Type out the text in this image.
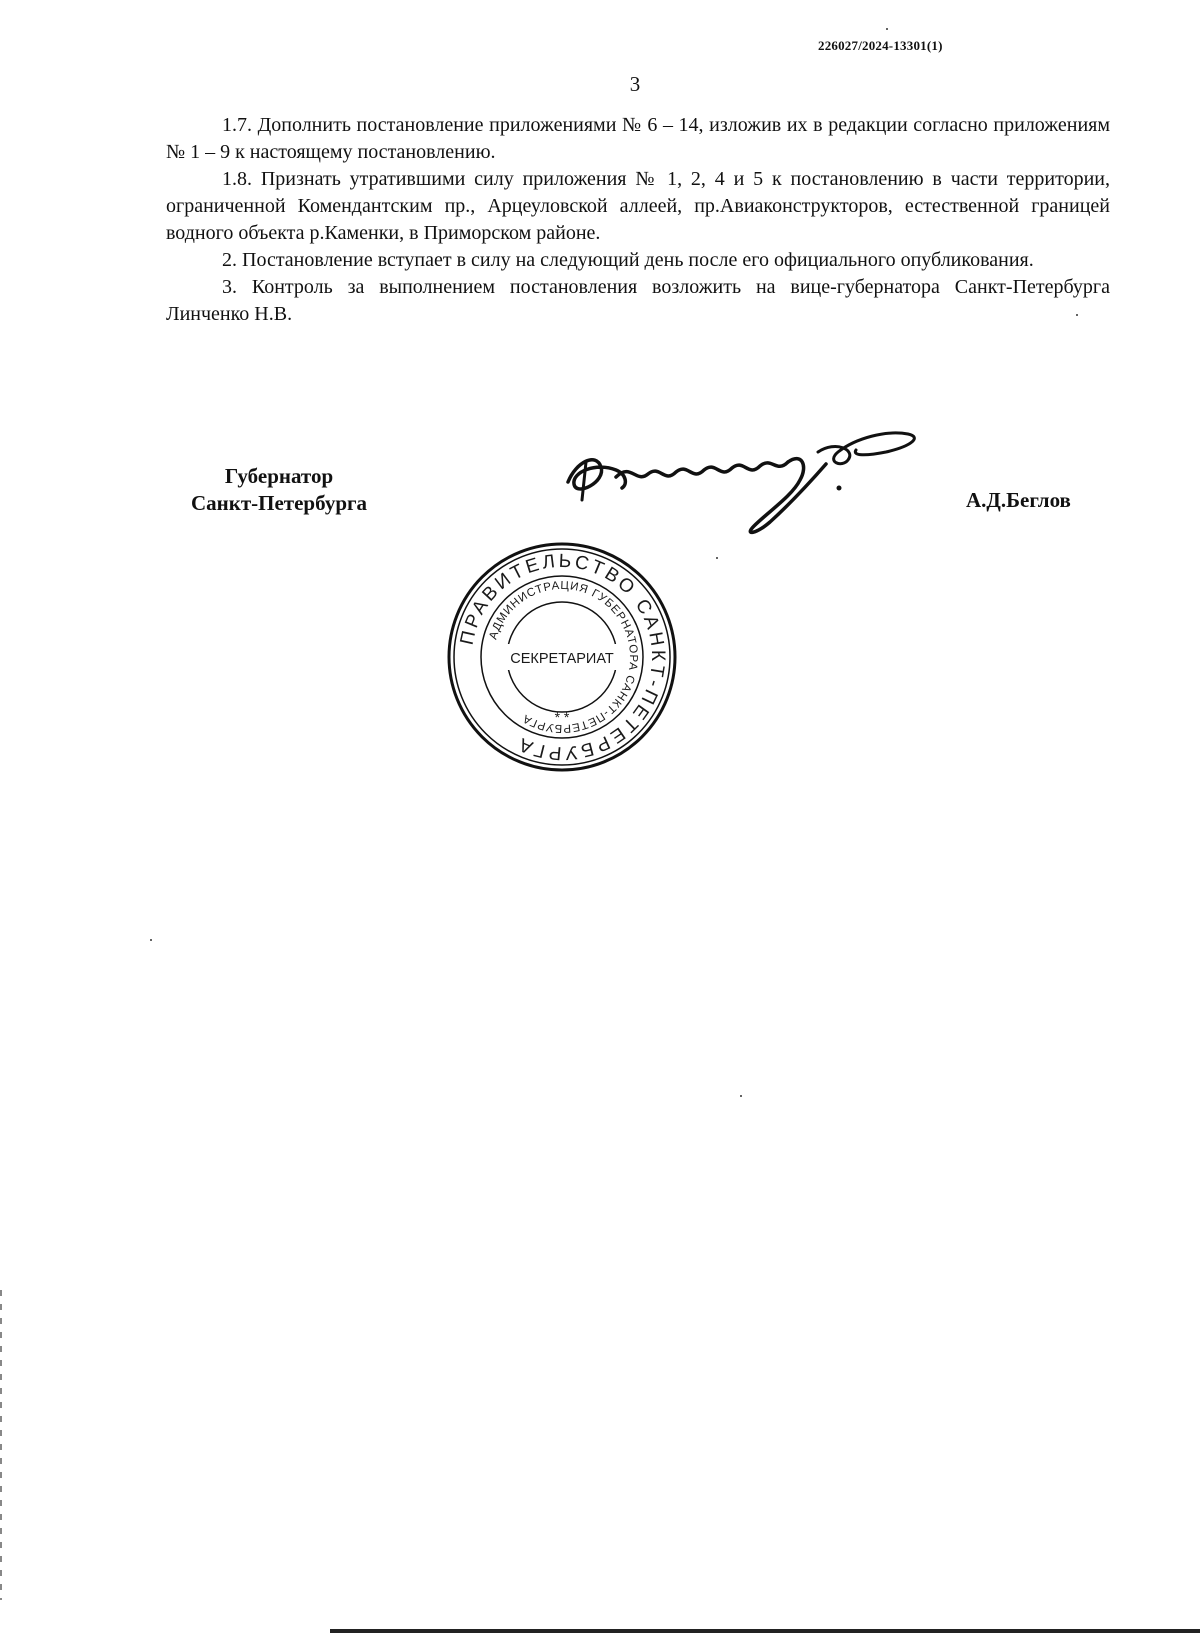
226027/2024-13301(1)
3

1.7. Дополнить постановление приложениями № 6 – 14, изложив их в редакции согласно приложениям № 1 – 9 к настоящему постановлению.

1.8. Признать утратившими силу приложения № 1, 2, 4 и 5 к постановлению в части территории, ограниченной Комендантским пр., Арцеуловской аллеей, пр.Авиаконструкторов, естественной границей водного объекта р.Каменки, в Приморском районе.

2. Постановление вступает в силу на следующий день после его официального опубликования.

3. Контроль за выполнением постановления возложить на вице-губернатора Санкт-Петербурга Линченко Н.В.

Губернатор
Санкт-Петербурга	А.Д.Беглов
ПРАВИТЕЛЬСТВО САНКТ-ПЕТЕРБУРГА
АДМИНИСТРАЦИЯ ГУБЕРНАТОРА САНКТ-ПЕТЕРБУРГА
СЕКРЕТАРИАТ
* *
